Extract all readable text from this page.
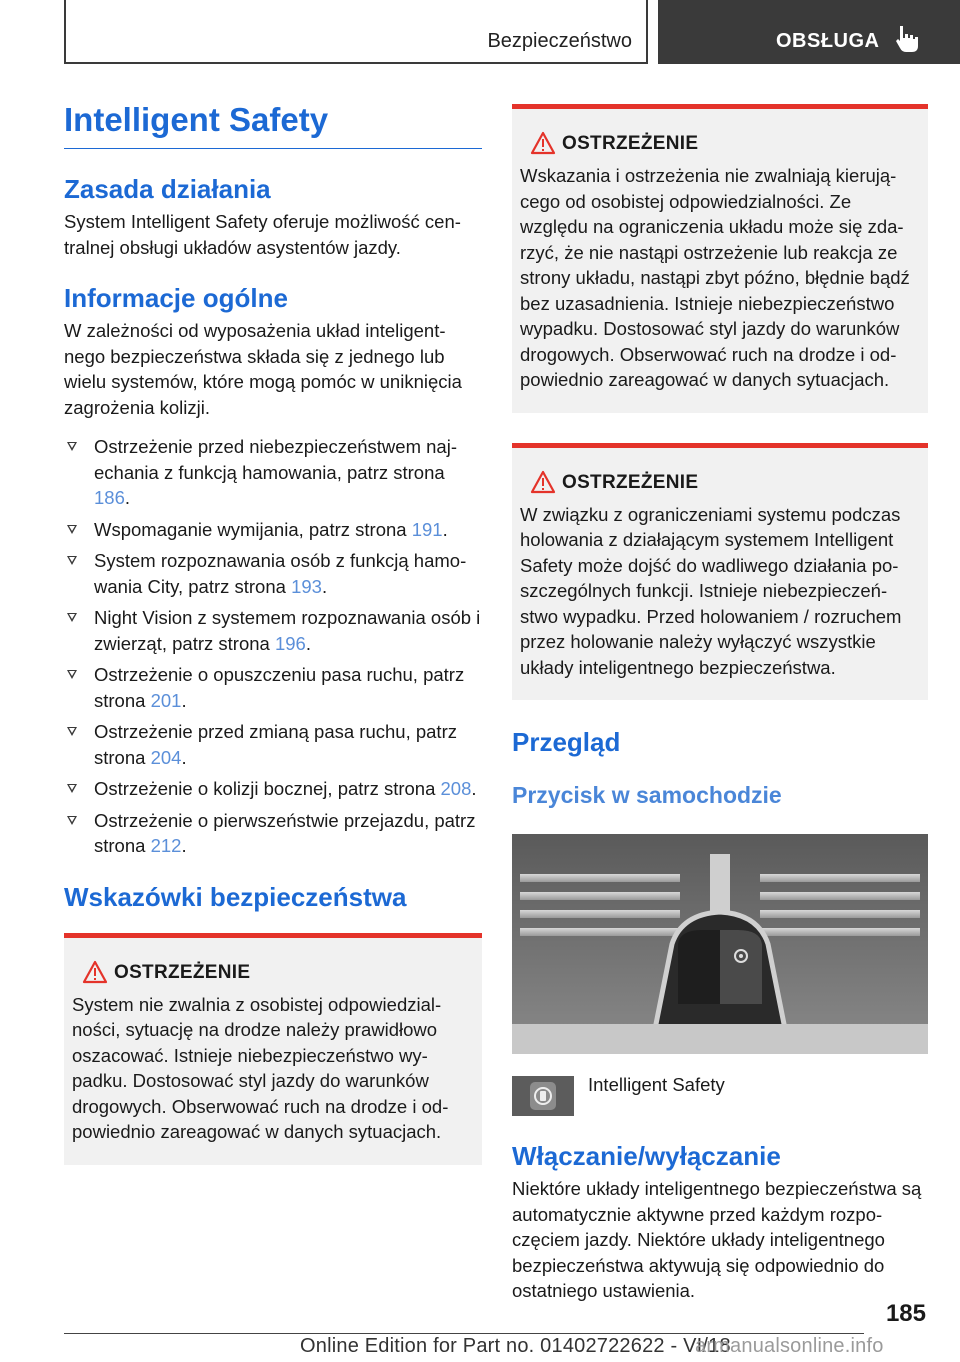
Bezpieczeństwo	OBSŁUGA
Intelligent Safety
Zasada działania

System Intelligent Safety oferuje możliwość cen-tralnej obsługi układów asystentów jazdy.

Informacje ogólne

W zależności od wyposażenia układ inteligent-nego bezpieczeństwa składa się z jednego lub wielu systemów, które mogą pomóc w uniknięcia zagrożenia kolizji.

Ostrzeżenie przed niebezpieczeństwem naj-echania z funkcją hamowania, patrz strona 186.
Wspomaganie wymijania, patrz strona 191.
System rozpoznawania osób z funkcją hamo-wania City, patrz strona 193.
Night Vision z systemem rozpoznawania osób i zwierząt, patrz strona 196.
Ostrzeżenie o opuszczeniu pasa ruchu, patrz strona 201.
Ostrzeżenie przed zmianą pasa ruchu, patrz strona 204.
Ostrzeżenie o kolizji bocznej, patrz strona 208.
Ostrzeżenie o pierwszeństwie przejazdu, patrz strona 212.
Wskazówki bezpieczeństwa
OSTRZEŻENIE

System nie zwalnia z osobistej odpowiedzial-ności, sytuację na drodze należy prawidłowo oszacować. Istnieje niebezpieczeństwo wy-padku. Dostosować styl jazdy do warunków drogowych. Obserwować ruch na drodze i od-powiednio zareagować w danych sytuacjach.

OSTRZEŻENIE

Wskazania i ostrzeżenia nie zwalniają kierują-cego od osobistej odpowiedzialności. Ze względu na ograniczenia układu może się zda-rzyć, że nie nastąpi ostrzeżenie lub reakcja ze strony układu, nastąpi zbyt późno, błędnie bądź bez uzasadnienia. Istnieje niebezpieczeństwo wypadku. Dostosować styl jazdy do warunków drogowych. Obserwować ruch na drodze i od-powiednio zareagować w danych sytuacjach.

OSTRZEŻENIE

W związku z ograniczeniami systemu podczas holowania z działającym systemem Intelligent Safety może dojść do wadliwego działania po-szczególnych funkcji. Istnieje niebezpieczeń-stwo wypadku. Przed holowaniem / rozruchem przez holowanie należy wyłączyć wszystkie układy inteligentnego bezpieczeństwa.

Przegląd
Przycisk w samochodzie
Intelligent Safety
Włączanie/wyłączanie

Niektóre układy inteligentnego bezpieczeństwa są automatycznie aktywne przed każdym rozpo-częciem jazdy. Niektóre układy inteligentnego bezpieczeństwa aktywują się odpowiednio do ostatniego ustawienia.

185
Online Edition for Part no. 01402722622 - VI/18
armanualsonline.info
